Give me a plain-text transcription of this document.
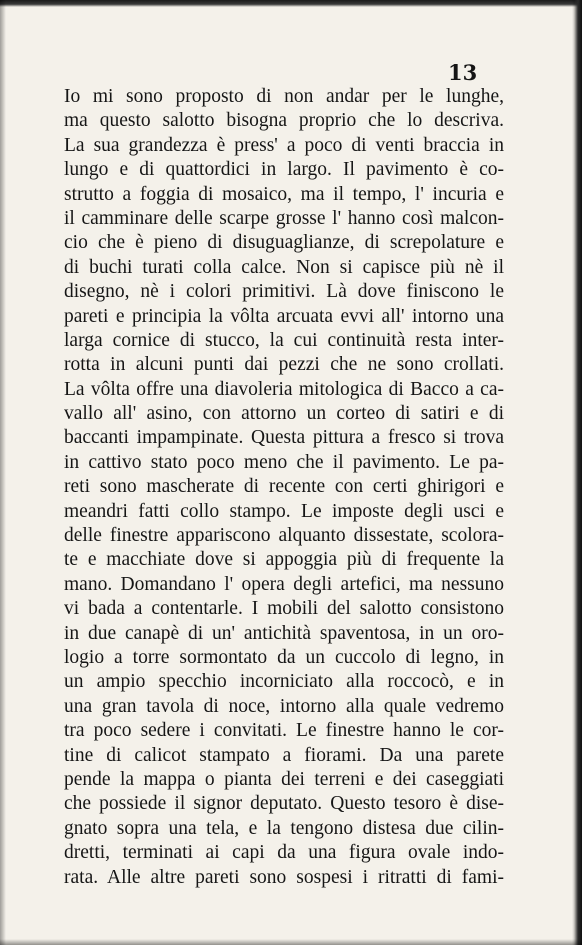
13
Io mi sono proposto di non andar per le lunghe,
ma questo salotto bisogna proprio che lo descriva.
La sua grandezza è press' a poco di venti braccia in
lungo e di quattordici in largo. Il pavimento è co-
strutto a foggia di mosaico, ma il tempo, l' incuria e
il camminare delle scarpe grosse l' hanno così malcon-
cio che è pieno di disuguaglianze, di screpolature e
di buchi turati colla calce. Non si capisce più nè il
disegno, nè i colori primitivi. Là dove finiscono le
pareti e principia la vôlta arcuata evvi all' intorno una
larga cornice di stucco, la cui continuità resta inter-
rotta in alcuni punti dai pezzi che ne sono crollati.
La vôlta offre una diavoleria mitologica di Bacco a ca-
vallo all' asino, con attorno un corteo di satiri e di
baccanti impampinate. Questa pittura a fresco si trova
in cattivo stato poco meno che il pavimento. Le pa-
reti sono mascherate di recente con certi ghirigori e
meandri fatti collo stampo. Le imposte degli usci e
delle finestre appariscono alquanto dissestate, scolora-
te e macchiate dove si appoggia più di frequente la
mano. Domandano l' opera degli artefici, ma nessuno
vi bada a contentarle. I mobili del salotto consistono
in due canapè di un' antichità spaventosa, in un oro-
logio a torre sormontato da un cuccolo di legno, in
un ampio specchio incorniciato alla roccocò, e in
una gran tavola di noce, intorno alla quale vedremo
tra poco sedere i convitati. Le finestre hanno le cor-
tine di calicot stampato a fiorami. Da una parete
pende la mappa o pianta dei terreni e dei caseggiati
che possiede il signor deputato. Questo tesoro è dise-
gnato sopra una tela, e la tengono distesa due cilin-
dretti, terminati ai capi da una figura ovale indo-
rata. Alle altre pareti sono sospesi i ritratti di fami-
